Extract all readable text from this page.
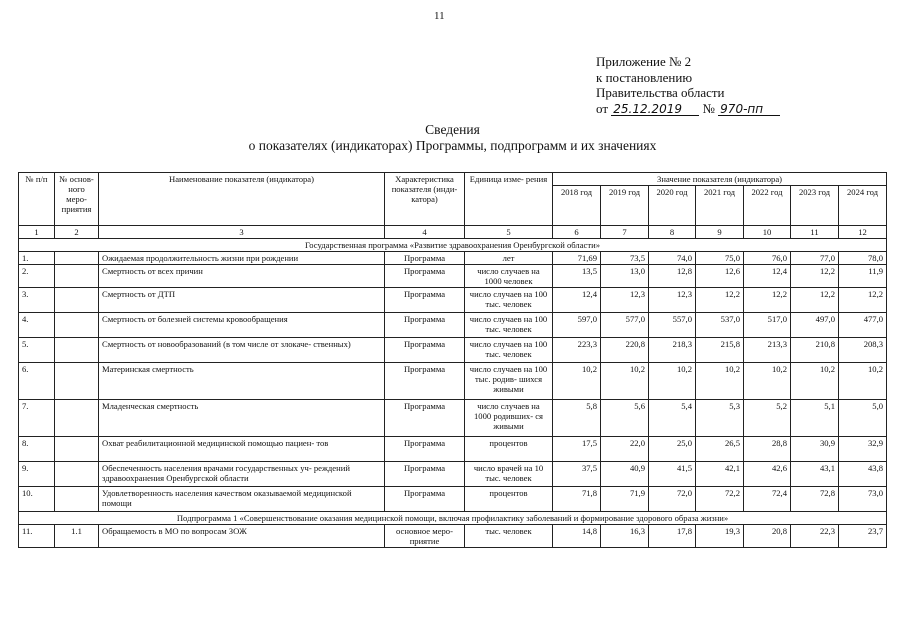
11
Приложение № 2
к постановлению
Правительства области
от 25.12.2019 № 970-пп
Сведения
о показателях (индикаторах) Программы, подпрограмм и их значениях
№ п/п	№ основ- ного меро- приятия	Наименование показателя (индикатора)	Характеристика показателя (инди- катора)	Единица изме- рения	Значение показателя (индикатора)						
					2018 год	2019 год	2020 год	2021 год	2022 год	2023 год	2024 год
1	2	3	4	5	6	7	8	9	10	11	12
Государственная программа «Развитие здравоохранения Оренбургской области»											
1.		Ожидаемая продолжительность жизни при рождении	Программа	лет	71,69	73,5	74,0	75,0	76,0	77,0	78,0
2.		Смертность от всех причин	Программа	число случаев на 1000 человек	13,5	13,0	12,8	12,6	12,4	12,2	11,9
3.		Смертность от ДТП	Программа	число случаев на 100 тыс. человек	12,4	12,3	12,3	12,2	12,2	12,2	12,2
4.		Смертность от болезней системы кровообращения	Программа	число случаев на 100 тыс. человек	597,0	577,0	557,0	537,0	517,0	497,0	477,0
5.		Смертность от новообразований (в том числе от злокаче- ственных)	Программа	число случаев на 100 тыс. человек	223,3	220,8	218,3	215,8	213,3	210,8	208,3
6.		Материнская смертность	Программа	число случаев на 100 тыс. родив- шихся живыми	10,2	10,2	10,2	10,2	10,2	10,2	10,2
7.		Младенческая смертность	Программа	число случаев на 1000 родивших- ся живыми	5,8	5,6	5,4	5,3	5,2	5,1	5,0
8.		Охват реабилитационной медицинской помощью пациен- тов	Программа	процентов	17,5	22,0	25,0	26,5	28,8	30,9	32,9
9.		Обеспеченность населения врачами государственных уч- реждений здравоохранения Оренбургской области	Программа	число врачей на 10 тыс. человек	37,5	40,9	41,5	42,1	42,6	43,1	43,8
10.		Удовлетворенность населения качеством оказываемой медицинской помощи	Программа	процентов	71,8	71,9	72,0	72,2	72,4	72,8	73,0
Подпрограмма 1 «Совершенствование оказания медицинской помощи, включая профилактику заболеваний и формирование здорового образа жизни»											
11.	1.1	Обращаемость в МО по вопросам ЗОЖ	основное меро- приятие	тыс. человек	14,8	16,3	17,8	19,3	20,8	22,3	23,7
